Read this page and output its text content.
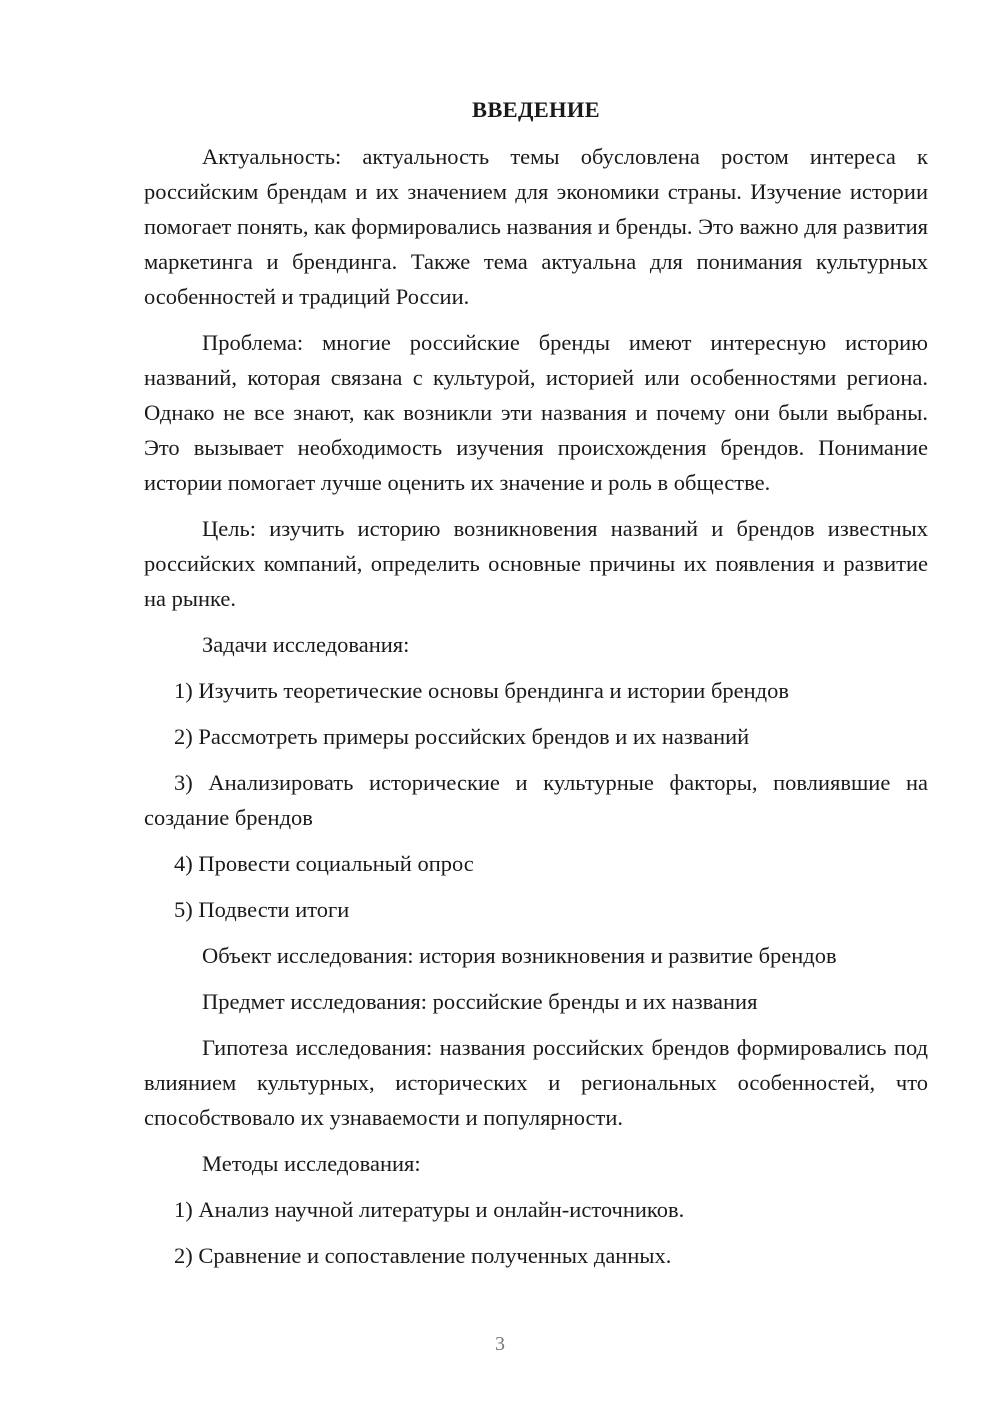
ВВЕДЕНИЕ

Актуальность: актуальность темы обусловлена ростом интереса к российским брендам и их значением для экономики страны. Изучение истории помогает понять, как формировались названия и бренды. Это важно для развития маркетинга и брендинга. Также тема актуальна для понимания культурных особенностей и традиций России.

Проблема: многие российские бренды имеют интересную историю названий, которая связана с культурой, историей или особенностями региона. Однако не все знают, как возникли эти названия и почему они были выбраны. Это вызывает необходимость изучения происхождения брендов. Понимание истории помогает лучше оценить их значение и роль в обществе.

Цель: изучить историю возникновения названий и брендов известных российских компаний, определить основные причины их появления и развитие на рынке.

Задачи исследования:

1) Изучить теоретические основы брендинга и истории брендов

2) Рассмотреть примеры российских брендов и их названий

3) Анализировать исторические и культурные факторы, повлиявшие на создание брендов

4) Провести социальный опрос

5) Подвести итоги

Объект исследования: история возникновения и развитие брендов

Предмет исследования: российские бренды и их названия

Гипотеза исследования: названия российских брендов формировались под влиянием культурных, исторических и региональных особенностей, что способствовало их узнаваемости и популярности.

Методы исследования:

1) Анализ научной литературы и онлайн-источников.

2) Сравнение и сопоставление полученных данных.

3
